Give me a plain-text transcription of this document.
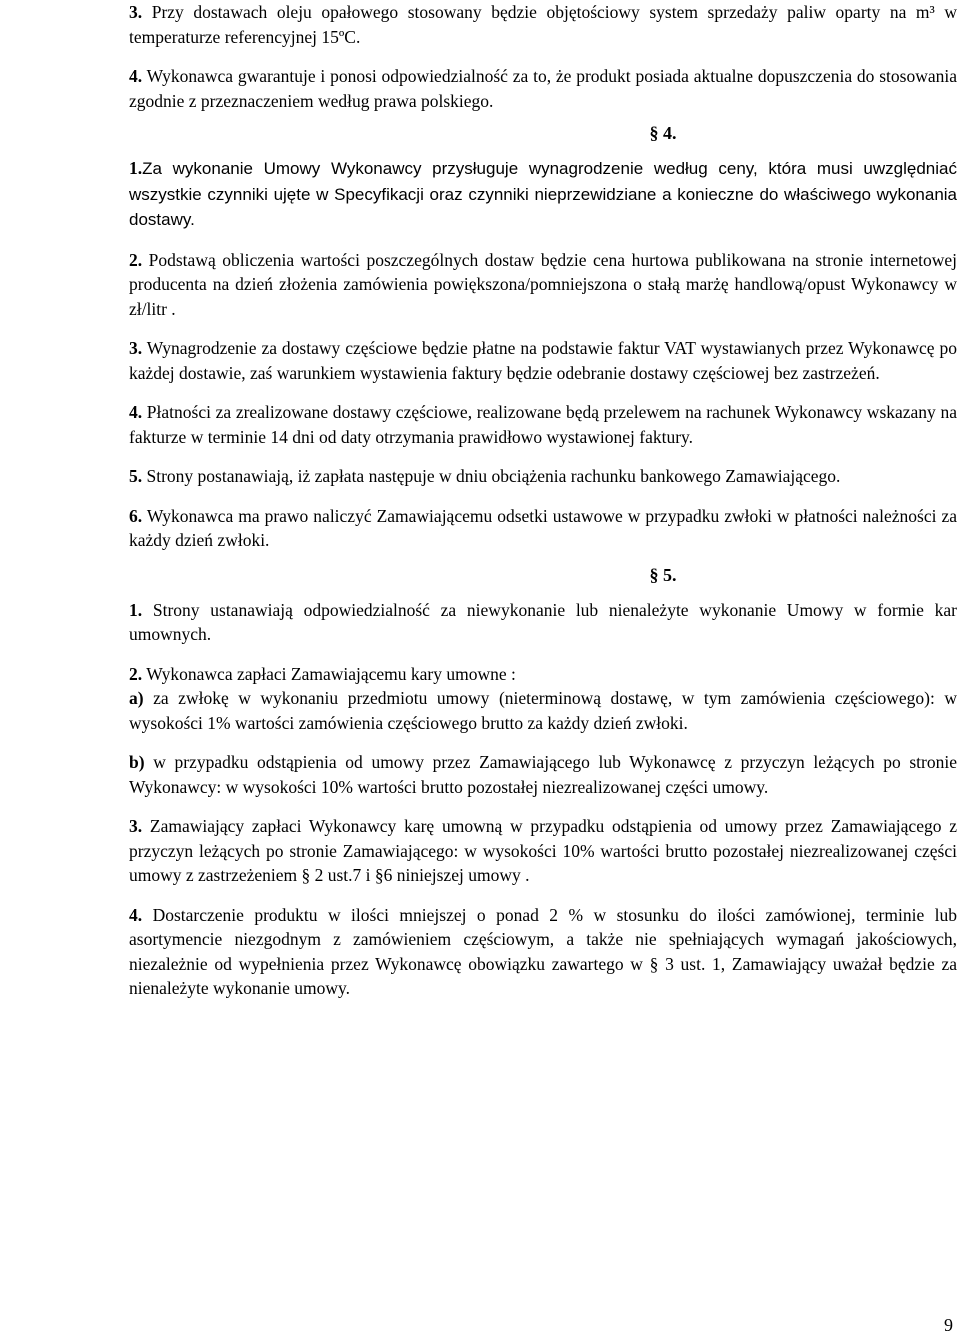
3. Przy dostawach oleju opałowego stosowany będzie objętościowy system sprzedaży paliw oparty na m³ w temperaturze referencyjnej 15ºC.

4. Wykonawca gwarantuje i ponosi odpowiedzialność za to, że produkt posiada aktualne dopuszczenia do stosowania zgodnie z przeznaczeniem według prawa polskiego.

§ 4.

1.Za wykonanie Umowy Wykonawcy przysługuje wynagrodzenie według ceny, która musi uwzględniać wszystkie czynniki ujęte w Specyfikacji oraz czynniki nieprzewidziane a konieczne do właściwego wykonania dostawy.

2. Podstawą obliczenia wartości poszczególnych dostaw będzie cena hurtowa publikowana na stronie internetowej producenta na dzień złożenia zamówienia powiększona/pomniejszona o stałą marżę handlową/opust Wykonawcy w zł/litr .

3. Wynagrodzenie za dostawy częściowe będzie płatne na podstawie faktur VAT wystawianych przez Wykonawcę po każdej dostawie, zaś warunkiem wystawienia faktury będzie odebranie dostawy częściowej bez zastrzeżeń.

4. Płatności za zrealizowane dostawy częściowe, realizowane będą przelewem na rachunek Wykonawcy wskazany na fakturze w terminie 14 dni od daty otrzymania prawidłowo wystawionej faktury.

5. Strony postanawiają, iż zapłata następuje w dniu obciążenia rachunku bankowego Zamawiającego.

6. Wykonawca ma prawo naliczyć Zamawiającemu odsetki ustawowe w przypadku zwłoki w płatności należności za każdy dzień zwłoki.

§ 5.

1. Strony ustanawiają odpowiedzialność za niewykonanie lub nienależyte wykonanie Umowy w formie kar umownych.

2. Wykonawca zapłaci Zamawiającemu kary umowne :

a) za zwłokę w wykonaniu przedmiotu umowy (nieterminową dostawę, w tym zamówienia częściowego): w wysokości 1% wartości zamówienia częściowego brutto za każdy dzień zwłoki.

b) w przypadku odstąpienia od umowy przez Zamawiającego lub Wykonawcę z przyczyn leżących po stronie Wykonawcy: w wysokości 10% wartości brutto pozostałej niezrealizowanej części umowy.

3. Zamawiający zapłaci Wykonawcy karę umowną w przypadku odstąpienia od umowy przez Zamawiającego z przyczyn leżących po stronie Zamawiającego: w wysokości 10% wartości brutto pozostałej niezrealizowanej części umowy z zastrzeżeniem § 2 ust.7 i §6 niniejszej umowy .

4. Dostarczenie produktu w ilości mniejszej o ponad 2 % w stosunku do ilości zamówionej, terminie lub asortymencie niezgodnym z zamówieniem częściowym, a także nie spełniających wymagań jakościowych, niezależnie od wypełnienia przez Wykonawcę obowiązku zawartego w § 3 ust. 1, Zamawiający uważał będzie za nienależyte wykonanie umowy.

9
